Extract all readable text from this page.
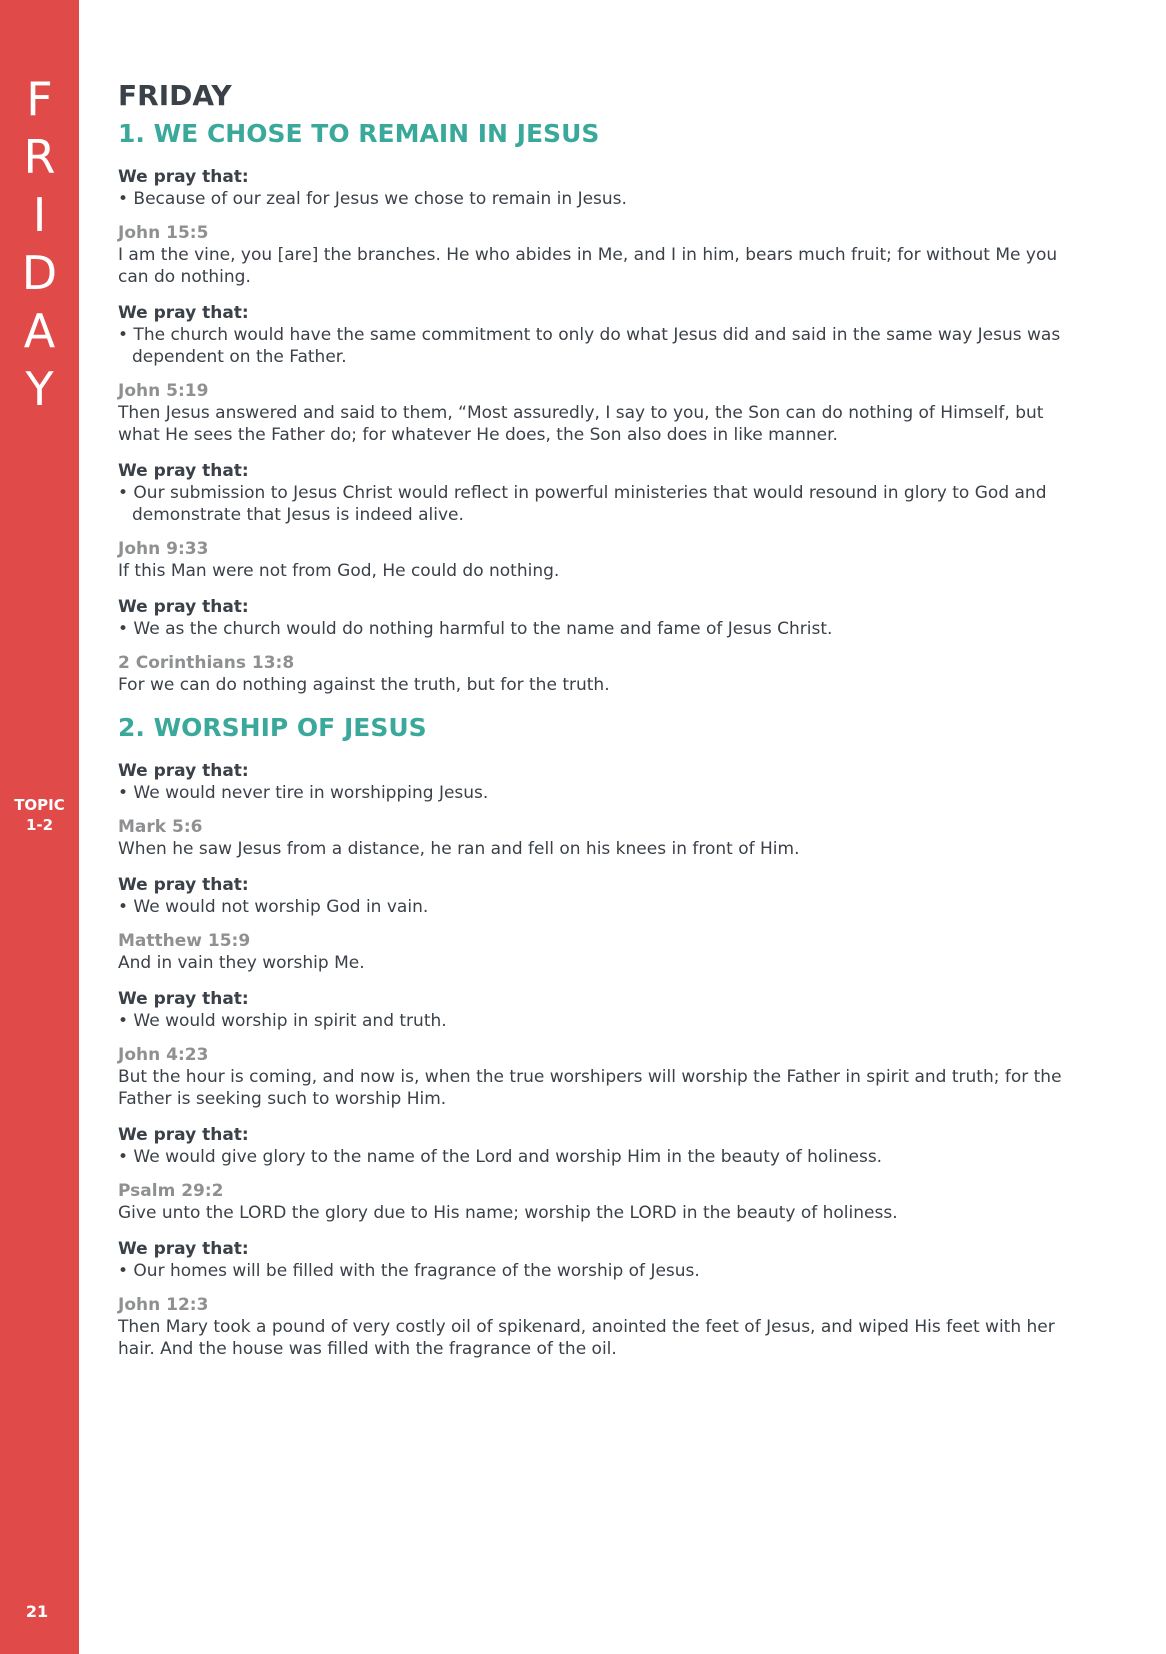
F
R
I
D
A
Y
TOPIC
1-2
21
FRIDAY
1. WE CHOSE TO REMAIN IN JESUS
We pray that:
• Because of our zeal for Jesus we chose to remain in Jesus.
John 15:5
I am the vine, you [are] the branches. He who abides in Me, and I in him, bears much fruit; for without Me you can do nothing.
We pray that:
• The church would have the same commitment to only do what Jesus did and said in the same way Jesus was dependent on the Father.
John 5:19
Then Jesus answered and said to them, “Most assuredly, I say to you, the Son can do nothing of Himself, but what He sees the Father do; for whatever He does, the Son also does in like manner.
We pray that:
• Our submission to Jesus Christ would reflect in powerful ministeries that would resound in glory to God and demonstrate that Jesus is indeed alive.
John 9:33
If this Man were not from God, He could do nothing.
We pray that:
• We as the church would do nothing harmful to the name and fame of Jesus Christ.
2 Corinthians 13:8
For we can do nothing against the truth, but for the truth.
2. WORSHIP OF JESUS
We pray that:
• We would never tire in worshipping Jesus.
Mark 5:6
When he saw Jesus from a distance, he ran and fell on his knees in front of Him.
We pray that:
• We would not worship God in vain.
Matthew 15:9
And in vain they worship Me.
We pray that:
• We would worship in spirit and truth.
John 4:23
But the hour is coming, and now is, when the true worshipers will worship the Father in spirit and truth; for the Father is seeking such to worship Him.
We pray that:
• We would give glory to the name of the Lord and worship Him in the beauty of holiness.
Psalm 29:2
Give unto the LORD the glory due to His name; worship the LORD in the beauty of holiness.
We pray that:
• Our homes will be filled with the fragrance of the worship of Jesus.
John 12:3
Then Mary took a pound of very costly oil of spikenard, anointed the feet of Jesus, and wiped His feet with her hair. And the house was filled with the fragrance of the oil.
